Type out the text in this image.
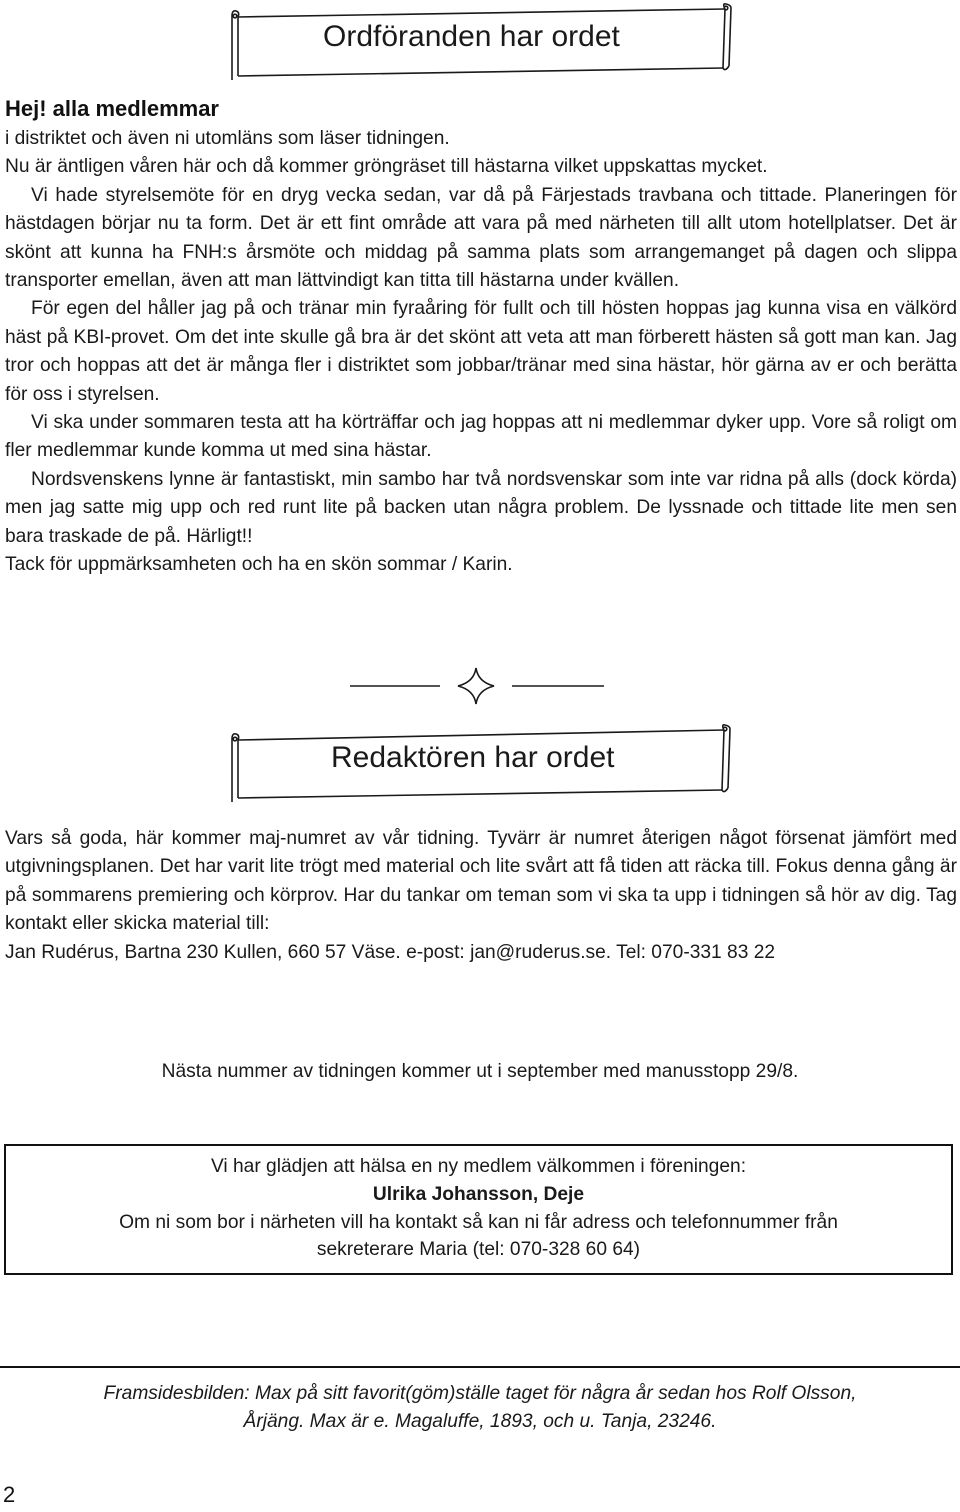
Ordföranden har ordet
Hej! alla medlemmar

i distriktet och även ni utomläns som läser tidningen.

Nu är äntligen våren här och då kommer gröngräset till hästarna vilket uppskattas mycket.

Vi hade styrelsemöte för en dryg vecka sedan, var då på Färjestads travbana och tittade. Planeringen för hästdagen börjar nu ta form. Det är ett fint område att vara på med närheten till allt utom hotellplatser. Det är skönt att kunna ha FNH:s årsmöte och middag på samma plats som arrangemanget på dagen och slippa transporter emellan, även att man lättvindigt kan titta till hästarna under kvällen.

För egen del håller jag på och tränar min fyraåring för fullt och till hösten hoppas jag kunna visa en välkörd häst på KBI-provet. Om det inte skulle gå bra är det skönt att veta att man förberett hästen så gott man kan. Jag tror och hoppas att det är många fler i distriktet som jobbar/tränar med sina hästar, hör gärna av er och berätta för oss i styrelsen.

Vi ska under sommaren testa att ha körträffar och jag hoppas att ni medlemmar dyker upp. Vore så roligt om fler medlemmar kunde komma ut med sina hästar.

Nordsvenskens lynne är fantastiskt, min sambo har två nordsvenskar som inte var ridna på alls (dock körda) men jag satte mig upp och red runt lite på backen utan några problem. De lyssnade och tittade lite men sen bara traskade de på. Härligt!!

Tack för uppmärksamheten och ha en skön sommar / Karin.

Redaktören har ordet

Vars så goda, här kommer maj-numret av vår tidning. Tyvärr är numret återigen något försenat jämfört med utgivningsplanen. Det har varit lite trögt med material och lite svårt att få tiden att räcka till. Fokus denna gång är på sommarens premiering och körprov. Har du tankar om teman som vi ska ta upp i tidningen så hör av dig. Tag kontakt eller skicka material till:

Jan Rudérus, Bartna 230 Kullen, 660 57 Väse. e-post: jan@ruderus.se. Tel: 070-331 83 22

Nästa nummer av tidningen kommer ut i september med manusstopp 29/8.
Vi har glädjen att hälsa en ny medlem välkommen i föreningen:
Ulrika Johansson, Deje
Om ni som bor i närheten vill ha kontakt så kan ni får adress och telefonnummer från
sekreterare Maria (tel: 070-328 60 64)
Framsidesbilden: Max på sitt favorit(göm)ställe taget för några år sedan hos Rolf Olsson,
Årjäng. Max är e. Magaluffe, 1893, och u. Tanja, 23246.
2
